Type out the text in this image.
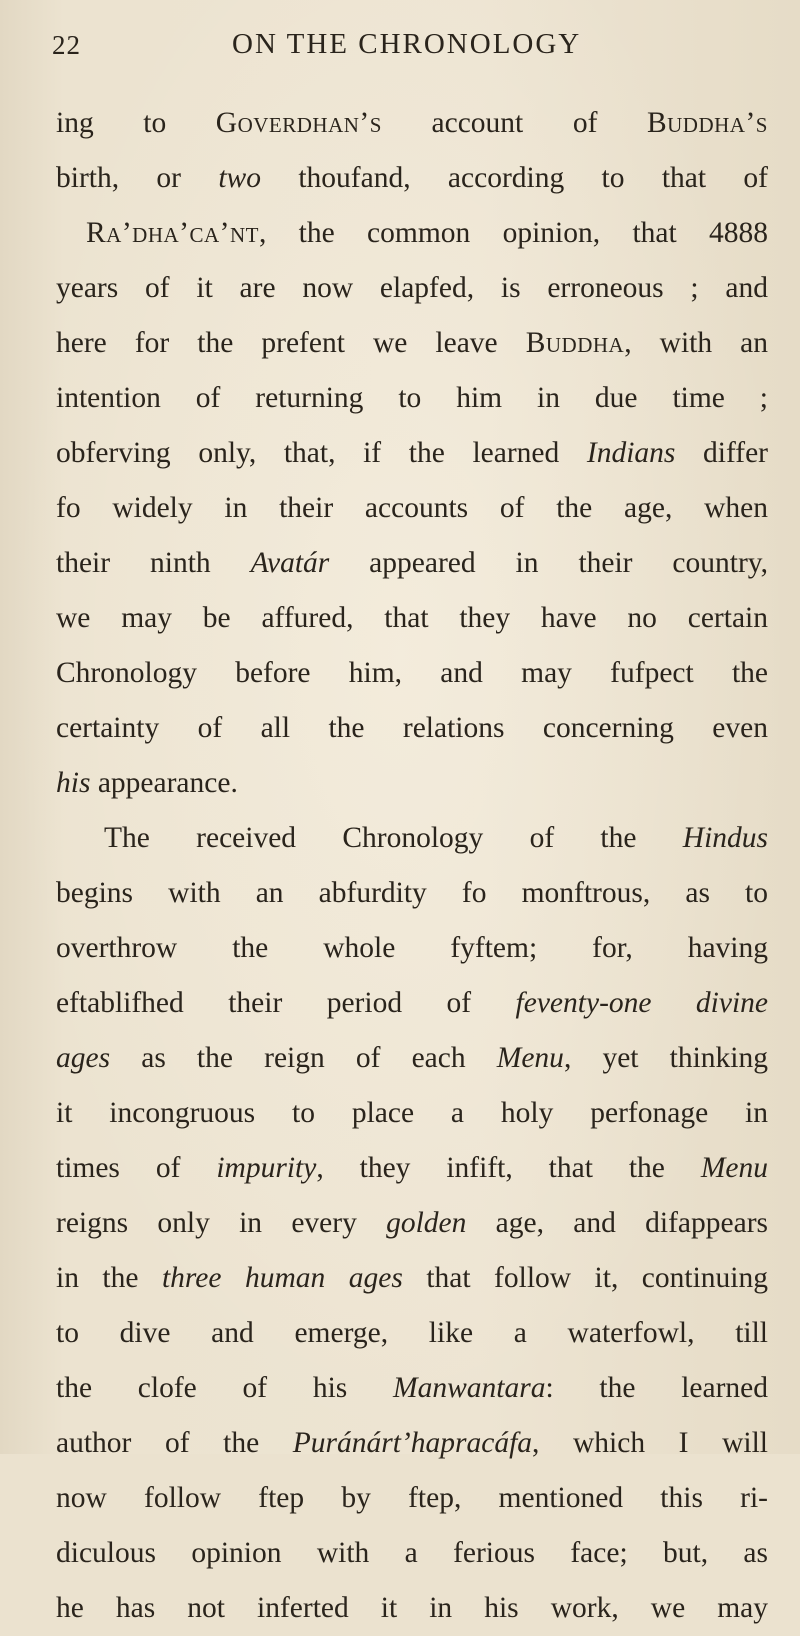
22	ON THE CHRONOLOGY
ing to Goverdhan’s account of Buddha’s
birth, or two thoufand, according to that of
Ra’dha’ca’nt, the common opinion, that 4888
years of it are now elapfed, is erroneous ; and
here for the prefent we leave Buddha, with an
intention of returning to him in due time ;
obferving only, that, if the learned Indians differ
fo widely in their accounts of the age, when
their ninth Avatár appeared in their country,
we may be affured, that they have no certain
Chronology before him, and may fufpect the
certainty of all the relations concerning even
his appearance.
The received Chronology of the Hindus
begins with an abfurdity fo monftrous, as to
overthrow the whole fyftem; for, having
eftablifhed their period of feventy-one divine
ages as the reign of each Menu, yet thinking
it incongruous to place a holy perfonage in
times of impurity, they infift, that the Menu
reigns only in every golden age, and difappears
in the three human ages that follow it, continuing
to dive and emerge, like a waterfowl, till
the clofe of his Manwantara: the learned
author of the Puránárt’hapracáfa, which I will
now follow ftep by ftep, mentioned this ri-
diculous opinion with a ferious face; but, as
he has not inferted it in his work, we may
